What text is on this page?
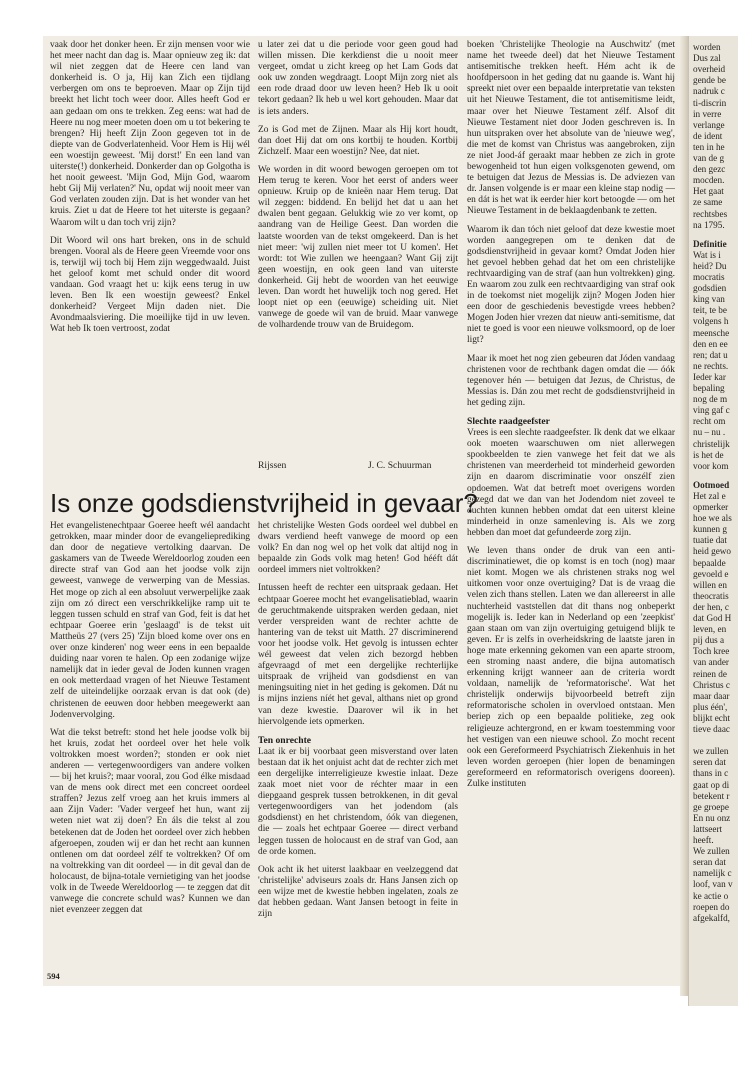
vaak door het donker heen. Er zijn mensen voor wie het meer nacht dan dag is. Maar opnieuw zeg ik: dat wil niet zeggen dat de Heere cen land van donkerheid is. O ja, Hij kan Zich een tijdlang verbergen om ons te beproeven. Maar op Zijn tijd breekt het licht toch weer door. Alles heeft God er aan gedaan om ons te trekken. Zeg eens: wat had de Heere nu nog meer moeten doen om u tot bekering te brengen? Hij heeft Zijn Zoon gegeven tot in de diepte van de Godverlatenheid. Voor Hem is Hij wél een woestijn geweest. 'Mij dorst!' En een land van uiterste(!) donkerheid. Donkerder dan op Golgotha is het nooit geweest. 'Mijn God, Mijn God, waarom hebt Gij Mij verlaten?' Nu, opdat wij nooit meer van God verlaten zouden zijn. Dat is het wonder van het kruis. Ziet u dat de Heere tot het uiterste is gegaan? Waarom wilt u dan toch vrij zijn?

Dit Woord wil ons hart breken, ons in de schuld brengen. Vooral als de Heere geen Vreemde voor ons is, terwijl wij toch bij Hem zijn weggedwaald. Juist het geloof komt met schuld onder dit woord vandaan. God vraagt het u: kijk eens terug in uw leven. Ben Ik een woestijn geweest? Enkel donkerheid? Vergeet Mijn daden niet. Die Avondmaalsviering. Die moeilijke tijd in uw leven. Wat heb Ik toen vertroost, zodat

u later zei dat u die periode voor geen goud had willen missen. Die kerkdienst die u nooit meer vergeet, omdat u zicht kreeg op het Lam Gods dat ook uw zonden wegdraagt. Loopt Mijn zorg niet als een rode draad door uw leven heen? Heb Ik u ooit tekort gedaan? Ik heb u wel kort gehouden. Maar dat is iets anders.

Zo is God met de Zijnen. Maar als Hij kort houdt, dan doet Hij dat om ons kortbij te houden. Kortbij Zichzelf. Maar een woestijn? Nee, dat niet.

We worden in dit woord bewogen geroepen om tot Hem terug te keren. Voor het eerst of anders weer opnieuw. Kruip op de knieën naar Hem terug. Dat wil zeggen: biddend. En belijd het dat u aan het dwalen bent gegaan. Gelukkig wie zo ver komt, op aandrang van de Heilige Geest. Dan worden die laatste woorden van de tekst omgekeerd. Dan is het niet meer: 'wij zullen niet meer tot U komen'. Het wordt: tot Wie zullen we heengaan? Want Gij zijt geen woestijn, en ook geen land van uiterste donkerheid. Gij hebt de woorden van het eeuwige leven. Dan wordt het huwelijk toch nog gered. Het loopt niet op een (eeuwige) scheiding uit. Niet vanwege de goede wil van de bruid. Maar vanwege de volhardende trouw van de Bruidegom.

Rijssen	J. C. Schuurman

boeken 'Christelijke Theologie na Auschwitz' (met name het tweede deel) dat het Nieuwe Testament antisemitische trekken heeft. Hém acht ik de hoofdpersoon in het geding dat nu gaande is. Want hij spreekt niet over een bepaalde interpretatie van teksten uit het Nieuwe Testament, die tot antisemitisme leidt, maar over het Nieuwe Testament zélf. Alsof dit Nieuwe Testament niet door Joden geschreven is. In hun uitspraken over het absolute van de 'nieuwe weg', die met de komst van Christus was aangebroken, zijn ze niet Jood-áf geraakt maar hebben ze zich in grote bewogenheid tot hun eigen volksgenoten gewend, om te betuigen dat Jezus de Messias is. De adviezen van dr. Jansen volgende is er maar een kleine stap nodig — en dát is het wat ik eerder hier kort betoogde — om het Nieuwe Testament in de beklaagdenbank te zetten.

Waarom ik dan tóch niet geloof dat deze kwestie moet worden aangegrepen om te denken dat de godsdienstvrijheid in gevaar komt? Omdat Joden hier het gevoel hebben gehad dat het om een christelijke rechtvaardiging van de straf (aan hun voltrekken) ging. En waarom zou zulk een rechtvaardiging van straf ook in de toekomst niet mogelijk zijn? Mogen Joden hier een door de geschiedenis bevestigde vrees hebben? Mogen Joden hier vrezen dat nieuw anti-semitisme, dat niet te goed is voor een nieuwe volksmoord, op de loer ligt?

Maar ik moet het nog zien gebeuren dat Jóden vandaag christenen voor de rechtbank dagen omdat die — óók tegenover hén — betuigen dat Jezus, de Christus, de Messias is. Dán zou met recht de godsdienstvrijheid in het geding zijn.

Slechte raadgeefster

Vrees is een slechte raadgeefster. Ik denk dat we elkaar ook moeten waarschuwen om niet allerwegen spookbeelden te zien vanwege het feit dat we als christenen van meerderheid tot minderheid geworden zijn en daarom discriminatie voor onszélf zien opdoemen. Wat dat betreft moet overigens worden gezegd dat we dan van het Jodendom niet zoveel te duchten kunnen hebben omdat dat een uiterst kleine minderheid in onze samenleving is. Als we zorg hebben dan moet dat gefundeerde zorg zijn.

We leven thans onder de druk van een anti-discriminatiewet, die op komst is en toch (nog) maar niet komt. Mogen we als christenen straks nog wel uitkomen voor onze overtuiging? Dat is de vraag die velen zich thans stellen. Laten we dan allereerst in alle nuchterheid vaststellen dat dit thans nog onbeperkt mogelijk is. Ieder kan in Nederland op een 'zeepkist' gaan staan om van zijn overtuiging getuigend blijk te geven. Er is zelfs in overheidskring de laatste jaren in hoge mate erkenning gekomen van een aparte stroom, een stroming naast andere, die bijna automatisch erkenning krijgt wanneer aan de criteria wordt voldaan, namelijk de 'reformatorische'. Wat het christelijk onderwijs bijvoorbeeld betreft zijn reformatorische scholen in overvloed ontstaan. Men beriep zich op een bepaalde politieke, zeg ook religieuze achtergrond, en er kwam toestemming voor het vestigen van een nieuwe school. Zo mocht recent ook een Gereformeerd Psychiatrisch Ziekenhuis in het leven worden geroepen (hier lopen de benamingen gereformeerd en reformatorisch overigens dooreen). Zulke instituten

Is onze godsdienstvrijheid in gevaar?

Het evangelistenechtpaar Goeree heeft wél aandacht getrokken, maar minder door de evangelieprediking dan door de negatieve vertolking daarvan. De gaskamers van de Tweede Wereldoorlog zouden een directe straf van God aan het joodse volk zijn geweest, vanwege de verwerping van de Messias. Het moge op zich al een absoluut verwerpelijke zaak zijn om zó direct een verschrikkelijke ramp uit te leggen tussen schuld en straf van God, feit is dat het echtpaar Goeree erin 'geslaagd' is de tekst uit Mattheüs 27 (vers 25) 'Zijn bloed kome over ons en over onze kinderen' nog weer eens in een bepaalde duiding naar voren te halen. Op een zodanige wijze namelijk dat in ieder geval de Joden kunnen vragen en ook metterdaad vragen of het Nieuwe Testament zelf de uiteindelijke oorzaak ervan is dat ook (de) christenen de eeuwen door hebben meegewerkt aan Jodenvervolging.

Wat die tekst betreft: stond het hele joodse volk bij het kruis, zodat het oordeel over het hele volk voltrokken moest worden?; stonden er ook niet anderen — vertegenwoordigers van andere volken — bij het kruis?; maar vooral, zou God élke misdaad van de mens ook direct met een concreet oordeel straffen? Jezus zelf vroeg aan het kruis immers al aan Zijn Vader: 'Vader vergeef het hun, want zij weten niet wat zij doen'? En áls die tekst al zou betekenen dat de Joden het oordeel over zich hebben afgeroepen, zouden wij er dan het recht aan kunnen ontlenen om dat oordeel zélf te voltrekken? Of om na voltrekking van dit oordeel — in dit geval dan de holocaust, de bijna-totale vernietiging van het joodse volk in de Tweede Wereldoorlog — te zeggen dat dit vanwege die concrete schuld was? Kunnen we dan niet evenzeer zeggen dat

het christelijke Westen Gods oordeel wel dubbel en dwars verdiend heeft vanwege de moord op een volk? En dan nog wel op het volk dat altijd nog in bepaalde zin Gods volk mag heten! God hééft dát oordeel immers niet voltrokken?

Intussen heeft de rechter een uitspraak gedaan. Het echtpaar Goeree mocht het evangelisatieblad, waarin de geruchtmakende uitspraken werden gedaan, niet verder verspreiden want de rechter achtte de hantering van de tekst uit Matth. 27 discriminerend voor het joodse volk. Het gevolg is intussen echter wél geweest dat velen zich bezorgd hebben afgevraagd of met een dergelijke rechterlijke uitspraak de vrijheid van godsdienst en van meningsuiting niet in het geding is gekomen. Dát nu is mijns inziens níét het geval, althans niet op grond van deze kwestie. Daarover wil ik in het hiervolgende iets opmerken.

Ten onrechte

Laat ik er bij voorbaat geen misverstand over laten bestaan dat ik het onjuist acht dat de rechter zich met een dergelijke interreligieuze kwestie inlaat. Deze zaak moet niet voor de réchter maar in een diepgaand gesprek tussen betrokkenen, in dit geval vertegenwoordigers van het jodendom (als godsdienst) en het christendom, óók van diegenen, die — zoals het echtpaar Goeree — direct verband leggen tussen de holocaust en de straf van God, aan de orde komen.

Ook acht ik het uiterst laakbaar en veelzeggend dat 'christelijke' adviseurs zoals dr. Hans Jansen zich op een wijze met de kwestie hebben ingelaten, zoals ze dat hebben gedaan. Want Jansen betoogt in feite in zijn

594
worden
Dus zal
overheid
gende be
nadruk c
ti-discrin
in verre
verlange
de ident
ten in he
van de g
den gezc
mocden.
Het gaat
ze same
rechtsbes
na 1795.
Definitie
Wat is i
heid? Du
mocratis
godsdien
king van
teit, te be
volgens h
meensche
den en ee
ren; dat u
ne rechts.
Ieder kar
bepaling
nog de m
ving gaf c
recht om
nu – nu .
christelijk
is het de
voor kom
Ootmoed
Het zal e
opmerker
hoe we als
kunnen g
tuatie dat
heid gewo
bepaalde
gevoeld e
willen en
theocratis
der hen, c
dat God H
leven, en
pij dus a
Toch kree
van ander
reinen de
Christus c
maar daar
plus één',
blijkt echt
tieve daac
we zullen
seren dat
thans in c
gaat op di
betekent r
ge groepe
En nu onz
lattseert
heeft.
We zullen
seran dat
namelijk c
loof, van v
ke actie o
roepen do
afgekalfd,
